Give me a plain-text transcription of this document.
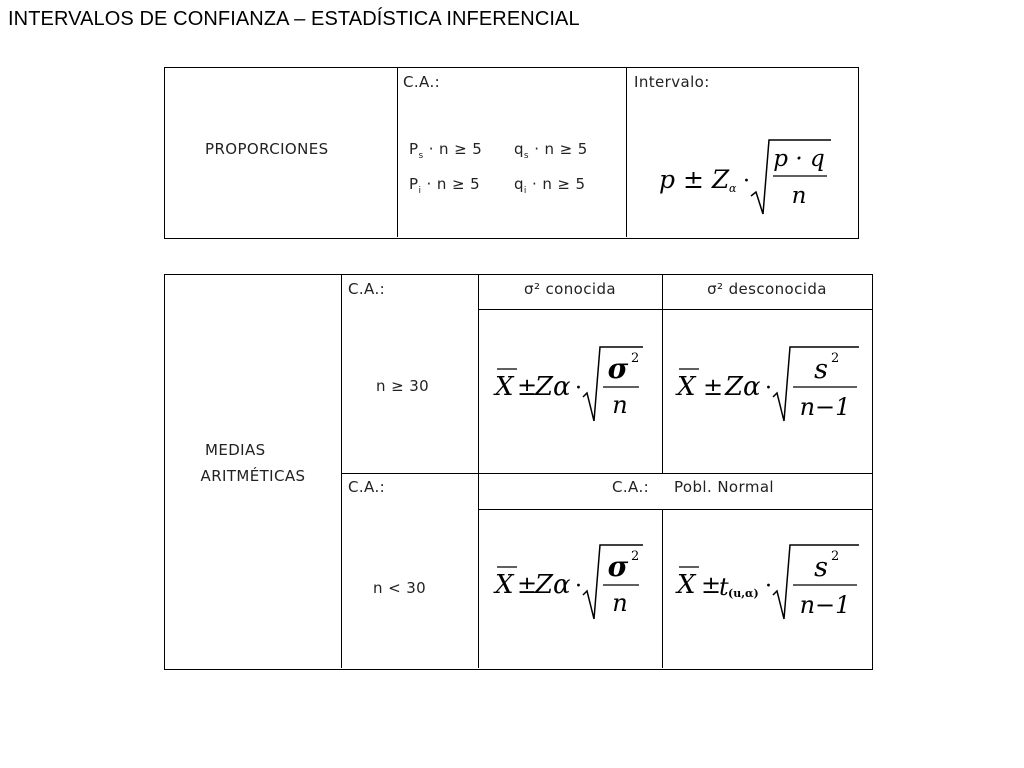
INTERVALOS DE CONFIANZA – ESTADÍSTICA INFERENCIAL
PROPORCIONES
C.A.:
$P_s \cdot n \ge 5$ $q_s \cdot n \ge 5$
$P_i \cdot n \ge 5$ $q_i \cdot n \ge 5$
Intervalo:
p ± Z α ·
p · q
n
MEDIAS
ARITMÉTICAS
C.A.:
C.A.:
n ≥ 30
n < 30
σ² conocida	σ² desconocida
C.A.: Pobl. Normal
X ±
Z α ·
σ 2
n
X ± Z α ·
s 2
n−1
X ±
Z α ·
σ 2
n
X ±
t (u,α) ·
s 2
n−1
